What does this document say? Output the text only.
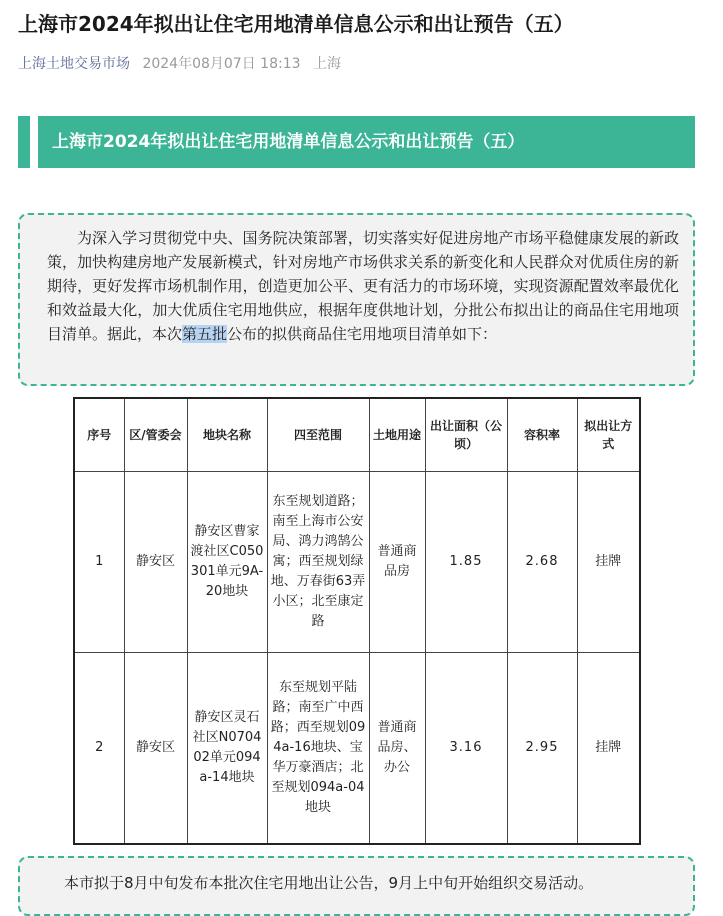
上海市2024年拟出让住宅用地清单信息公示和出让预告（五）
上海土地交易市场 2024年08月07日 18:13 上海
上海市2024年拟出让住宅用地清单信息公示和出让预告（五）

为深入学习贯彻党中央、国务院决策部署，切实落实好促进房地产市场平稳健康发展的新政策，加快构建房地产发展新模式，针对房地产市场供求关系的新变化和人民群众对优质住房的新期待，更好发挥市场机制作用，创造更加公平、更有活力的市场环境，实现资源配置效率最优化和效益最大化，加大优质住宅用地供应，根据年度供地计划，分批公布拟出让的商品住宅用地项目清单。据此，本次第五批公布的拟供商品住宅用地项目清单如下：

序号	区/管委会	地块名称	四至范围	土地用途	出让面积（公顷）	容积率	拟出让方式
1	静安区	静安区曹家渡社区C050301单元9A-20地块	东至规划道路；南至上海市公安局、鸿力鸿鹄公寓；西至规划绿地、万春街63弄小区；北至康定路	普通商品房	1.85	2.68	挂牌
2	静安区	静安区灵石社区N070402单元094a-14地块	东至规划平陆路；南至广中西路；西至规划094a-16地块、宝华万豪酒店；北至规划094a-04地块	普通商品房、办公	3.16	2.95	挂牌

本市拟于8月中旬发布本批次住宅用地出让公告，9月上中旬开始组织交易活动。
